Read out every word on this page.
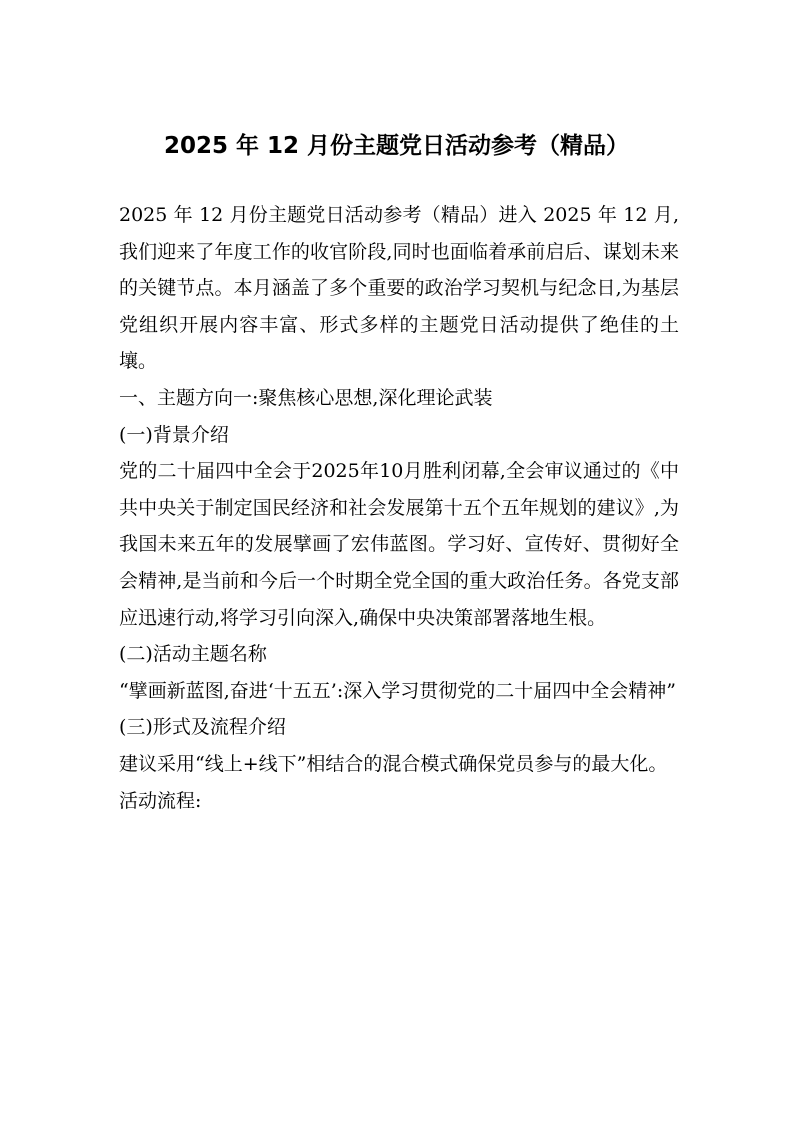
2025 年 12 月份主题党日活动参考（精品）

2025 年 12 月份主题党日活动参考（精品）进入 2025 年 12 月,我们迎来了年度工作的收官阶段,同时也面临着承前启后、谋划未来的关键节点。本月涵盖了多个重要的政治学习契机与纪念日,为基层党组织开展内容丰富、形式多样的主题党日活动提供了绝佳的土壤。

一、主题方向一:聚焦核心思想,深化理论武装

(一)背景介绍

党的二十届四中全会于2025年10月胜利闭幕,全会审议通过的《中共中央关于制定国民经济和社会发展第十五个五年规划的建议》,为我国未来五年的发展擘画了宏伟蓝图。学习好、宣传好、贯彻好全会精神,是当前和今后一个时期全党全国的重大政治任务。各党支部应迅速行动,将学习引向深入,确保中央决策部署落地生根。

(二)活动主题名称

“擘画新蓝图,奋进‘十五五’:深入学习贯彻党的二十届四中全会精神”

(三)形式及流程介绍

建议采用“线上+线下”相结合的混合模式确保党员参与的最大化。

活动流程:
